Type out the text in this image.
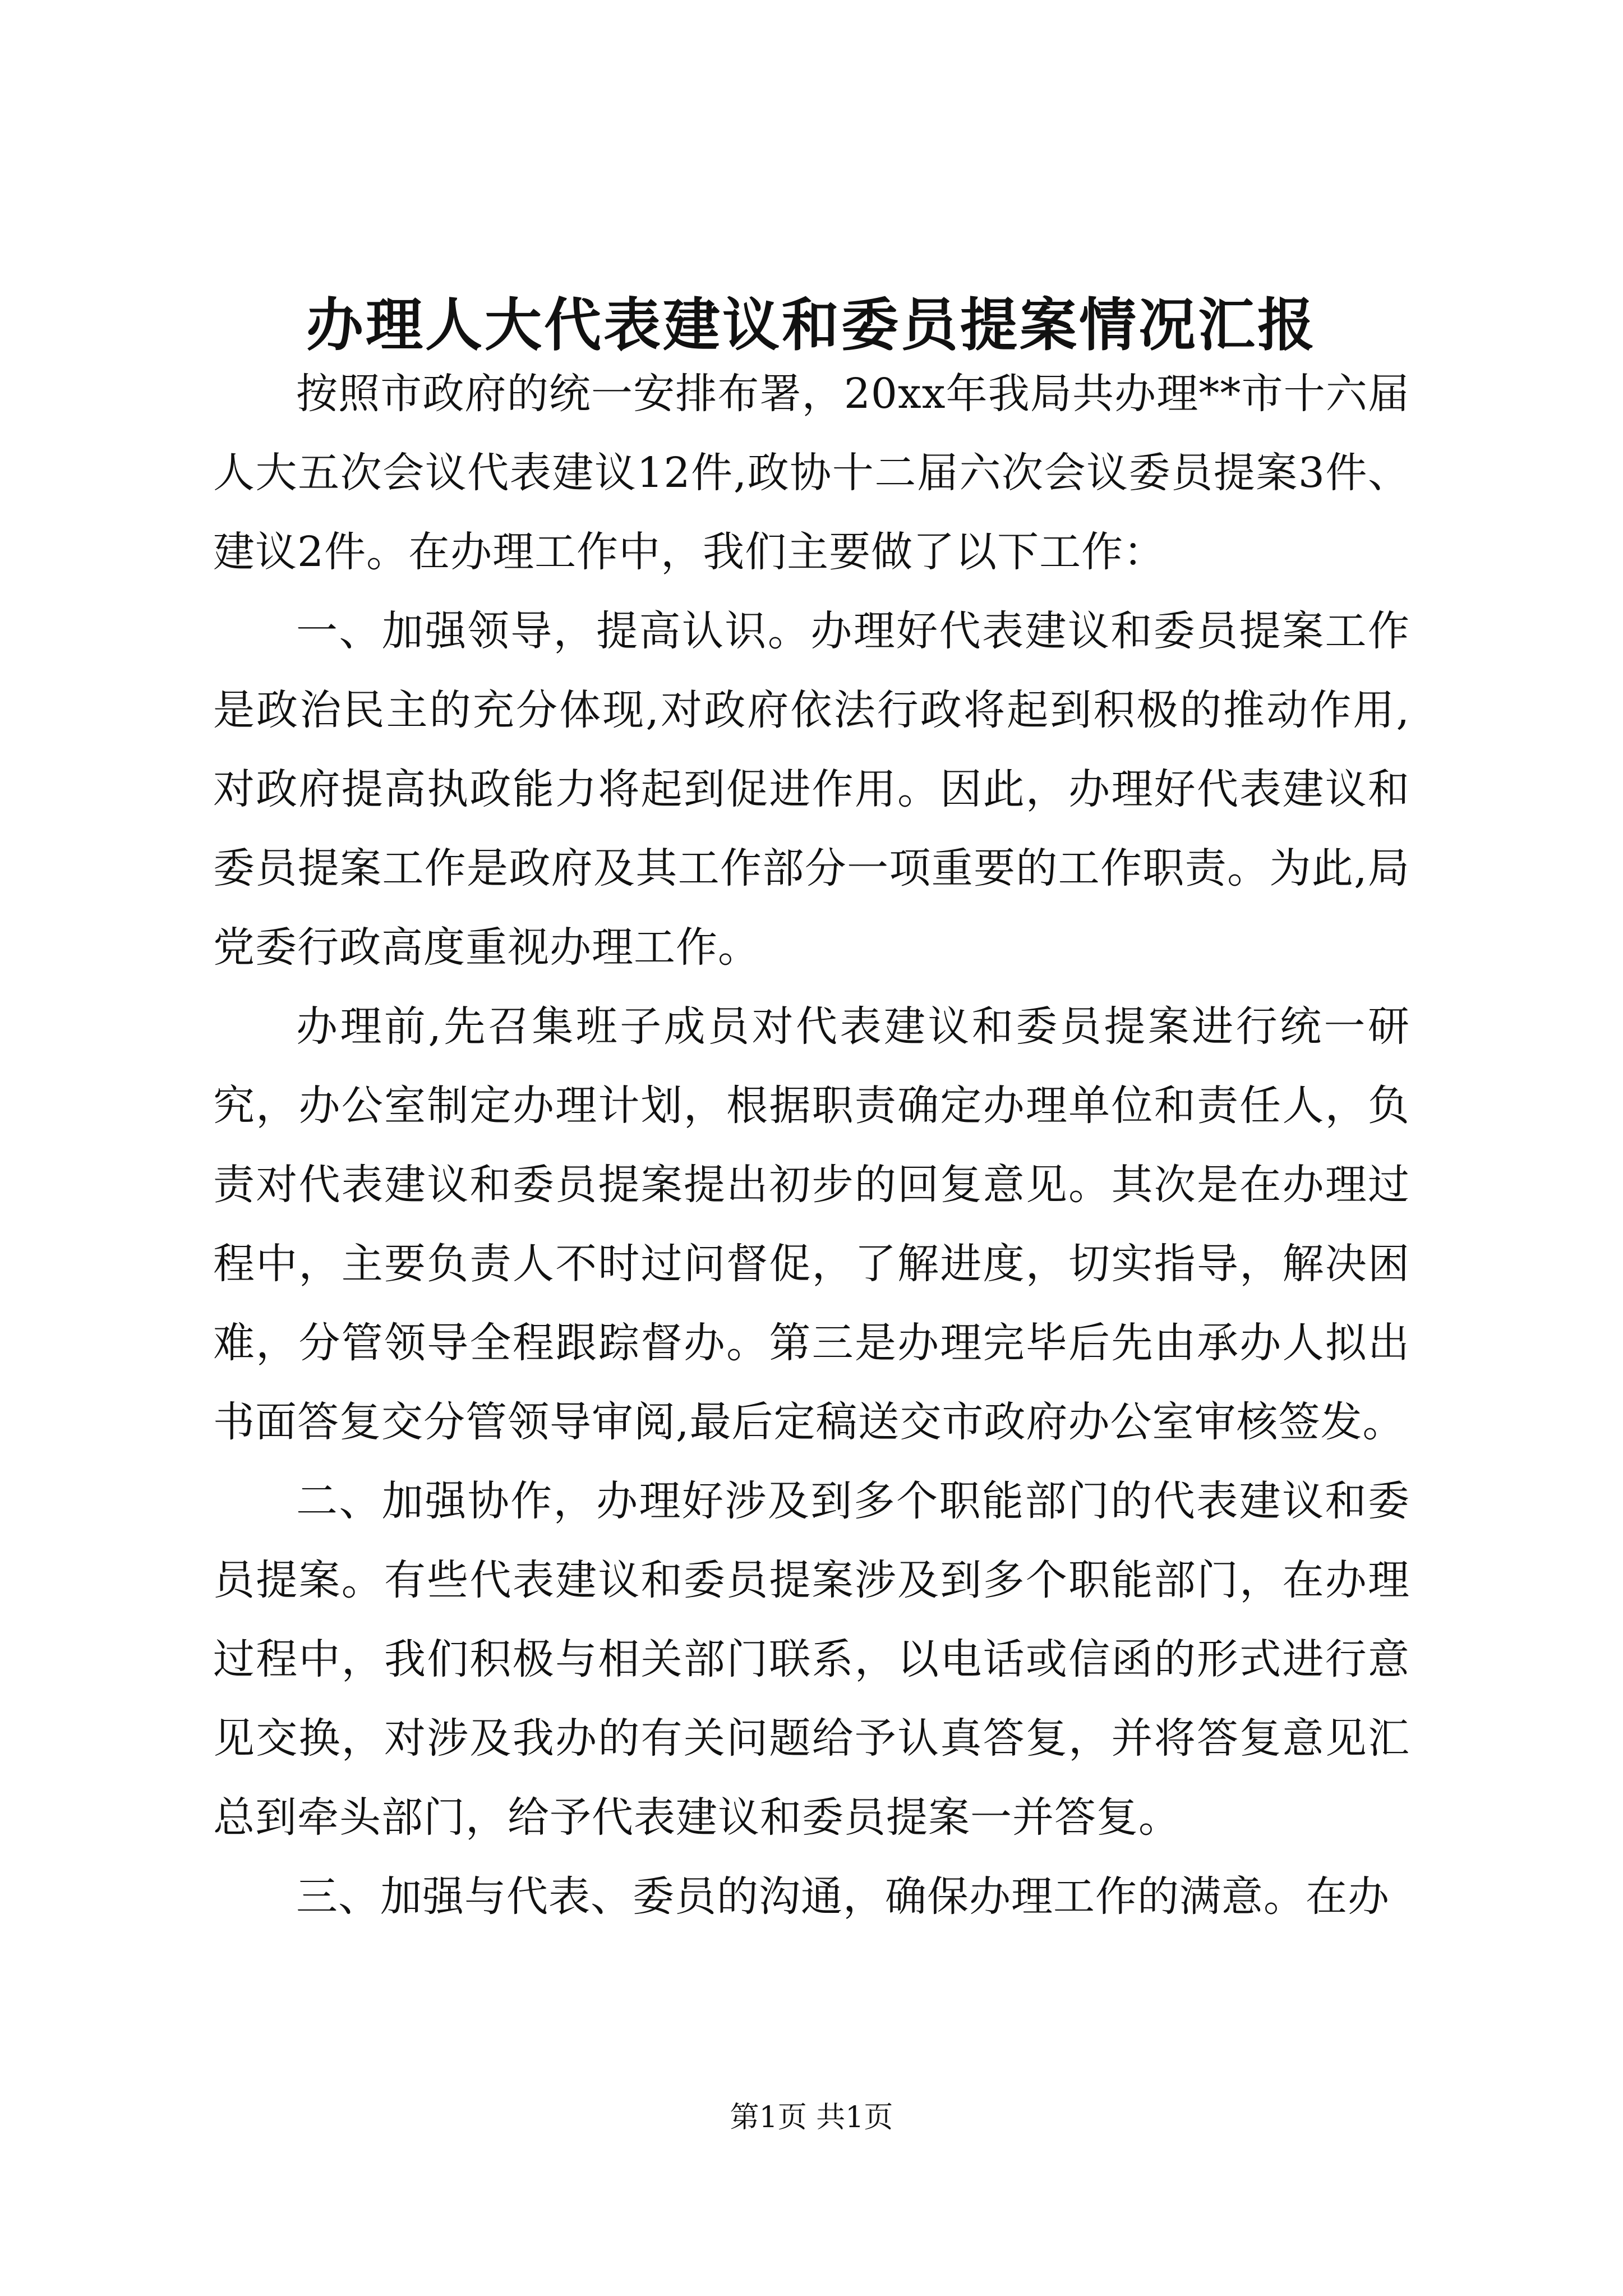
办理人大代表建议和委员提案情况汇报

按照市政府的统一安排布署，20xx年我局共办理**市十六届人大五次会议代表建议12件,政协十二届六次会议委员提案3件、建议2件。在办理工作中，我们主要做了以下工作：

一、加强领导，提高认识。办理好代表建议和委员提案工作是政治民主的充分体现,对政府依法行政将起到积极的推动作用,对政府提高执政能力将起到促进作用。因此，办理好代表建议和委员提案工作是政府及其工作部分一项重要的工作职责。为此,局党委行政高度重视办理工作。

办理前,先召集班子成员对代表建议和委员提案进行统一研究，办公室制定办理计划，根据职责确定办理单位和责任人，负责对代表建议和委员提案提出初步的回复意见。其次是在办理过程中，主要负责人不时过问督促，了解进度，切实指导，解决困难，分管领导全程跟踪督办。第三是办理完毕后先由承办人拟出书面答复交分管领导审阅,最后定稿送交市政府办公室审核签发。

二、加强协作，办理好涉及到多个职能部门的代表建议和委员提案。有些代表建议和委员提案涉及到多个职能部门，在办理过程中，我们积极与相关部门联系，以电话或信函的形式进行意见交换，对涉及我办的有关问题给予认真答复，并将答复意见汇总到牵头部门，给予代表建议和委员提案一并答复。

三、加强与代表、委员的沟通，确保办理工作的满意。在办

第1页 共1页
